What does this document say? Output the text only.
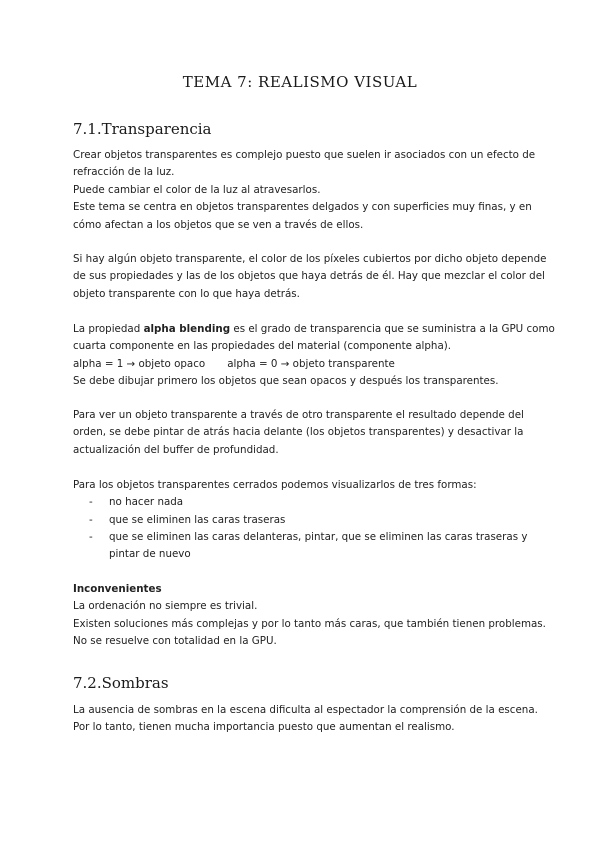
TEMA 7: REALISMO VISUAL
7.1.Transparencia
Crear objetos transparentes es complejo puesto que suelen ir asociados con un efecto de
refracción de la luz.
Puede cambiar el color de la luz al atravesarlos.
Este tema se centra en objetos transparentes delgados y con superficies muy finas, y en
cómo afectan a los objetos que se ven a través de ellos.
Si hay algún objeto transparente, el color de los píxeles cubiertos por dicho objeto depende
de sus propiedades y las de los objetos que haya detrás de él. Hay que mezclar el color del
objeto transparente con lo que haya detrás.
La propiedad alpha blending es el grado de transparencia que se suministra a la GPU como
cuarta componente en las propiedades del material (componente alpha).
alpha = 1 → objeto opaco alpha = 0 → objeto transparente
Se debe dibujar primero los objetos que sean opacos y después los transparentes.
Para ver un objeto transparente a través de otro transparente el resultado depende del
orden, se debe pintar de atrás hacia delante (los objetos transparentes) y desactivar la
actualización del buffer de profundidad.
Para los objetos transparentes cerrados podemos visualizarlos de tres formas:
- no hacer nada
- que se eliminen las caras traseras
- que se eliminen las caras delanteras, pintar, que se eliminen las caras traseras y
pintar de nuevo
Inconvenientes
La ordenación no siempre es trivial.
Existen soluciones más complejas y por lo tanto más caras, que también tienen problemas.
No se resuelve con totalidad en la GPU.
7.2.Sombras
La ausencia de sombras en la escena dificulta al espectador la comprensión de la escena.
Por lo tanto, tienen mucha importancia puesto que aumentan el realismo.
